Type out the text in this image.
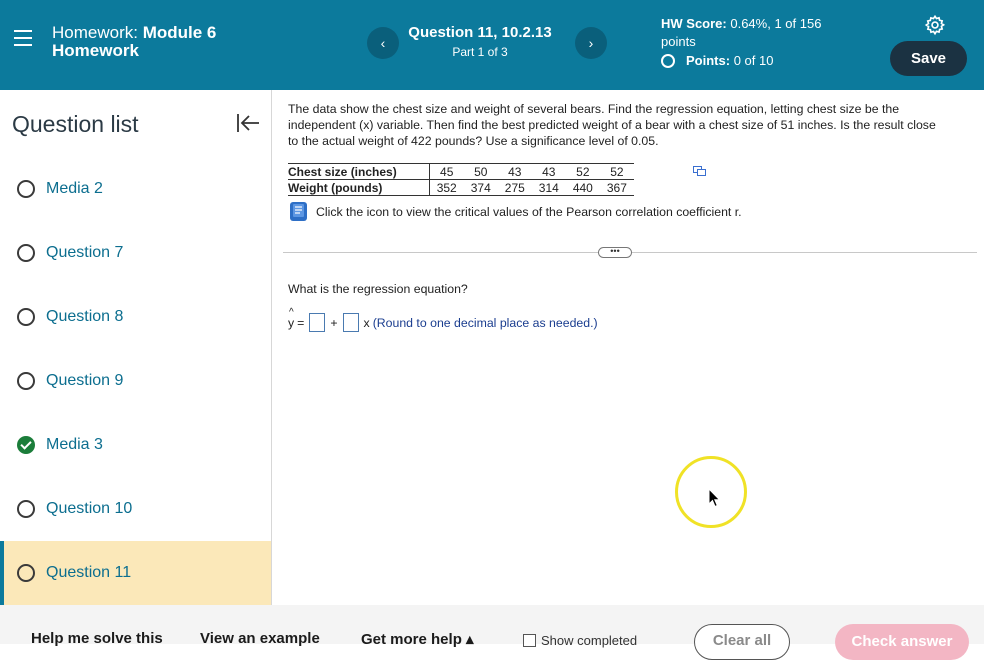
Homework: Module 6
Homework	‹
Question 11, 10.2.13
Part 1 of 3
›
HW Score: 0.64%, 1 of 156
points
Points:
0 of 10	Save
Question list
Media 2
Question 7
Question 8
Question 9
Media 3
Question 10
Question 11
The data show the chest size and weight of several bears. Find the regression equation, letting chest size be the independent (x) variable. Then find the best predicted weight of a bear with a chest size of 51 inches. Is the result close to the actual weight of 422 pounds? Use a significance level of 0.05.
Chest size (inches)	45	50	43	43	52	52
Weight (pounds)	352	374	275	314	440	367
Click the icon to view the critical values of the Pearson correlation coefficient r.
•••
What is the regression equation?
^ y = + x (Round to one decimal place as needed.)
Help me solve this View an example	Get more help ▴	Show completed	Clear all	Check answer
